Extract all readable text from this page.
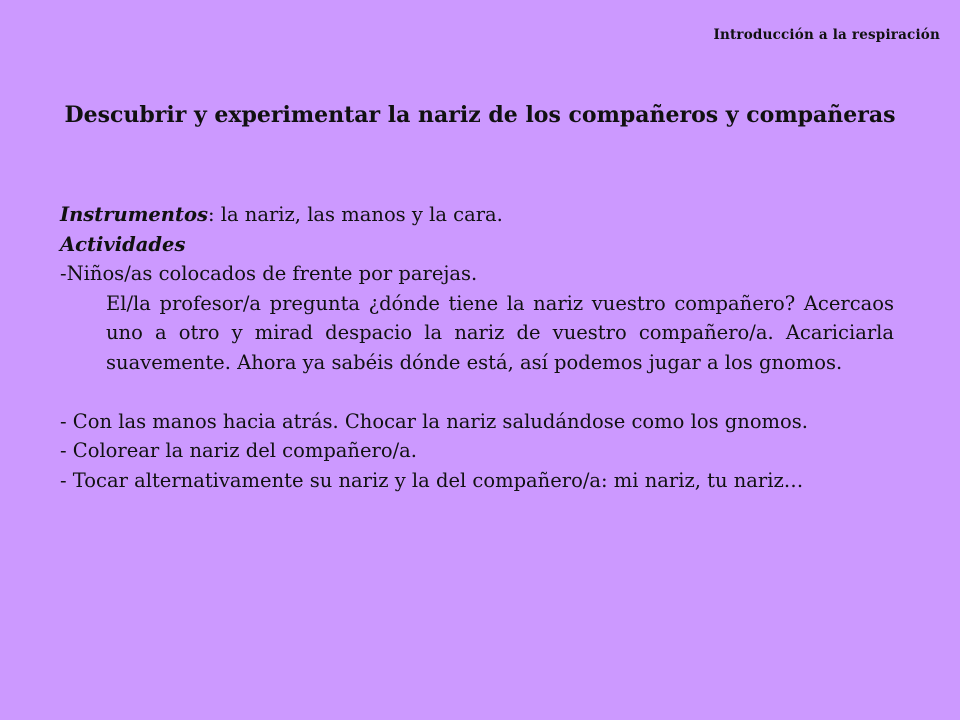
Introducción a la respiración
Descubrir y experimentar la nariz de los compañeros y compañeras

Instrumentos: la nariz, las manos y la cara.

Actividades

-Niños/as colocados de frente por parejas.

El/la profesor/a pregunta ¿dónde tiene la nariz vuestro compañero? Acercaos uno a otro y mirad despacio la nariz de vuestro compañero/a. Acariciarla suavemente. Ahora ya sabéis dónde está, así podemos jugar a los gnomos.

- Con las manos hacia atrás. Chocar la nariz saludándose como los gnomos.

- Colorear la nariz del compañero/a.

- Tocar alternativamente su nariz y la del compañero/a: mi nariz, tu nariz…
